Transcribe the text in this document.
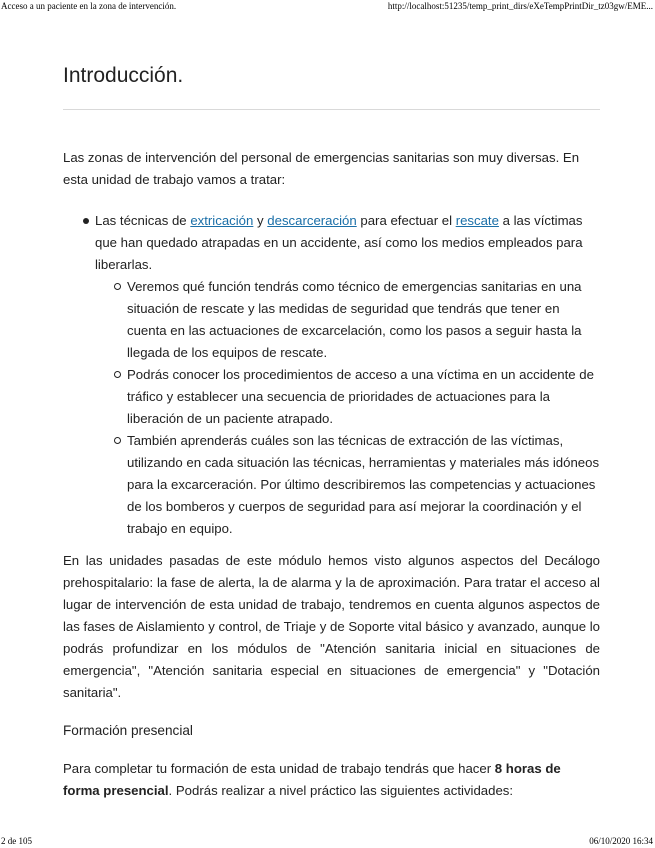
Acceso a un paciente en la zona de intervención.	http://localhost:51235/temp_print_dirs/eXeTempPrintDir_tz03gw/EME...
Introducción.

Las zonas de intervención del personal de emergencias sanitarias son muy diversas. En esta unidad de trabajo vamos a tratar:

Las técnicas de extricación y descarceración para efectuar el rescate a las víctimas que han quedado atrapadas en un accidente, así como los medios empleados para liberarlas.
Veremos qué función tendrás como técnico de emergencias sanitarias en una situación de rescate y las medidas de seguridad que tendrás que tener en cuenta en las actuaciones de excarcelación, como los pasos a seguir hasta la llegada de los equipos de rescate.
Podrás conocer los procedimientos de acceso a una víctima en un accidente de tráfico y establecer una secuencia de prioridades de actuaciones para la liberación de un paciente atrapado.
También aprenderás cuáles son las técnicas de extracción de las víctimas, utilizando en cada situación las técnicas, herramientas y materiales más idóneos para la excarceración. Por último describiremos las competencias y actuaciones de los bomberos y cuerpos de seguridad para así mejorar la coordinación y el trabajo en equipo.

En las unidades pasadas de este módulo hemos visto algunos aspectos del Decálogo prehospitalario: la fase de alerta, la de alarma y la de aproximación. Para tratar el acceso al lugar de intervención de esta unidad de trabajo, tendremos en cuenta algunos aspectos de las fases de Aislamiento y control, de Triaje y de Soporte vital básico y avanzado, aunque lo podrás profundizar en los módulos de "Atención sanitaria inicial en situaciones de emergencia", "Atención sanitaria especial en situaciones de emergencia" y "Dotación sanitaria".

Formación presencial

Para completar tu formación de esta unidad de trabajo tendrás que hacer 8 horas de forma presencial. Podrás realizar a nivel práctico las siguientes actividades:

2 de 105	06/10/2020 16:34
